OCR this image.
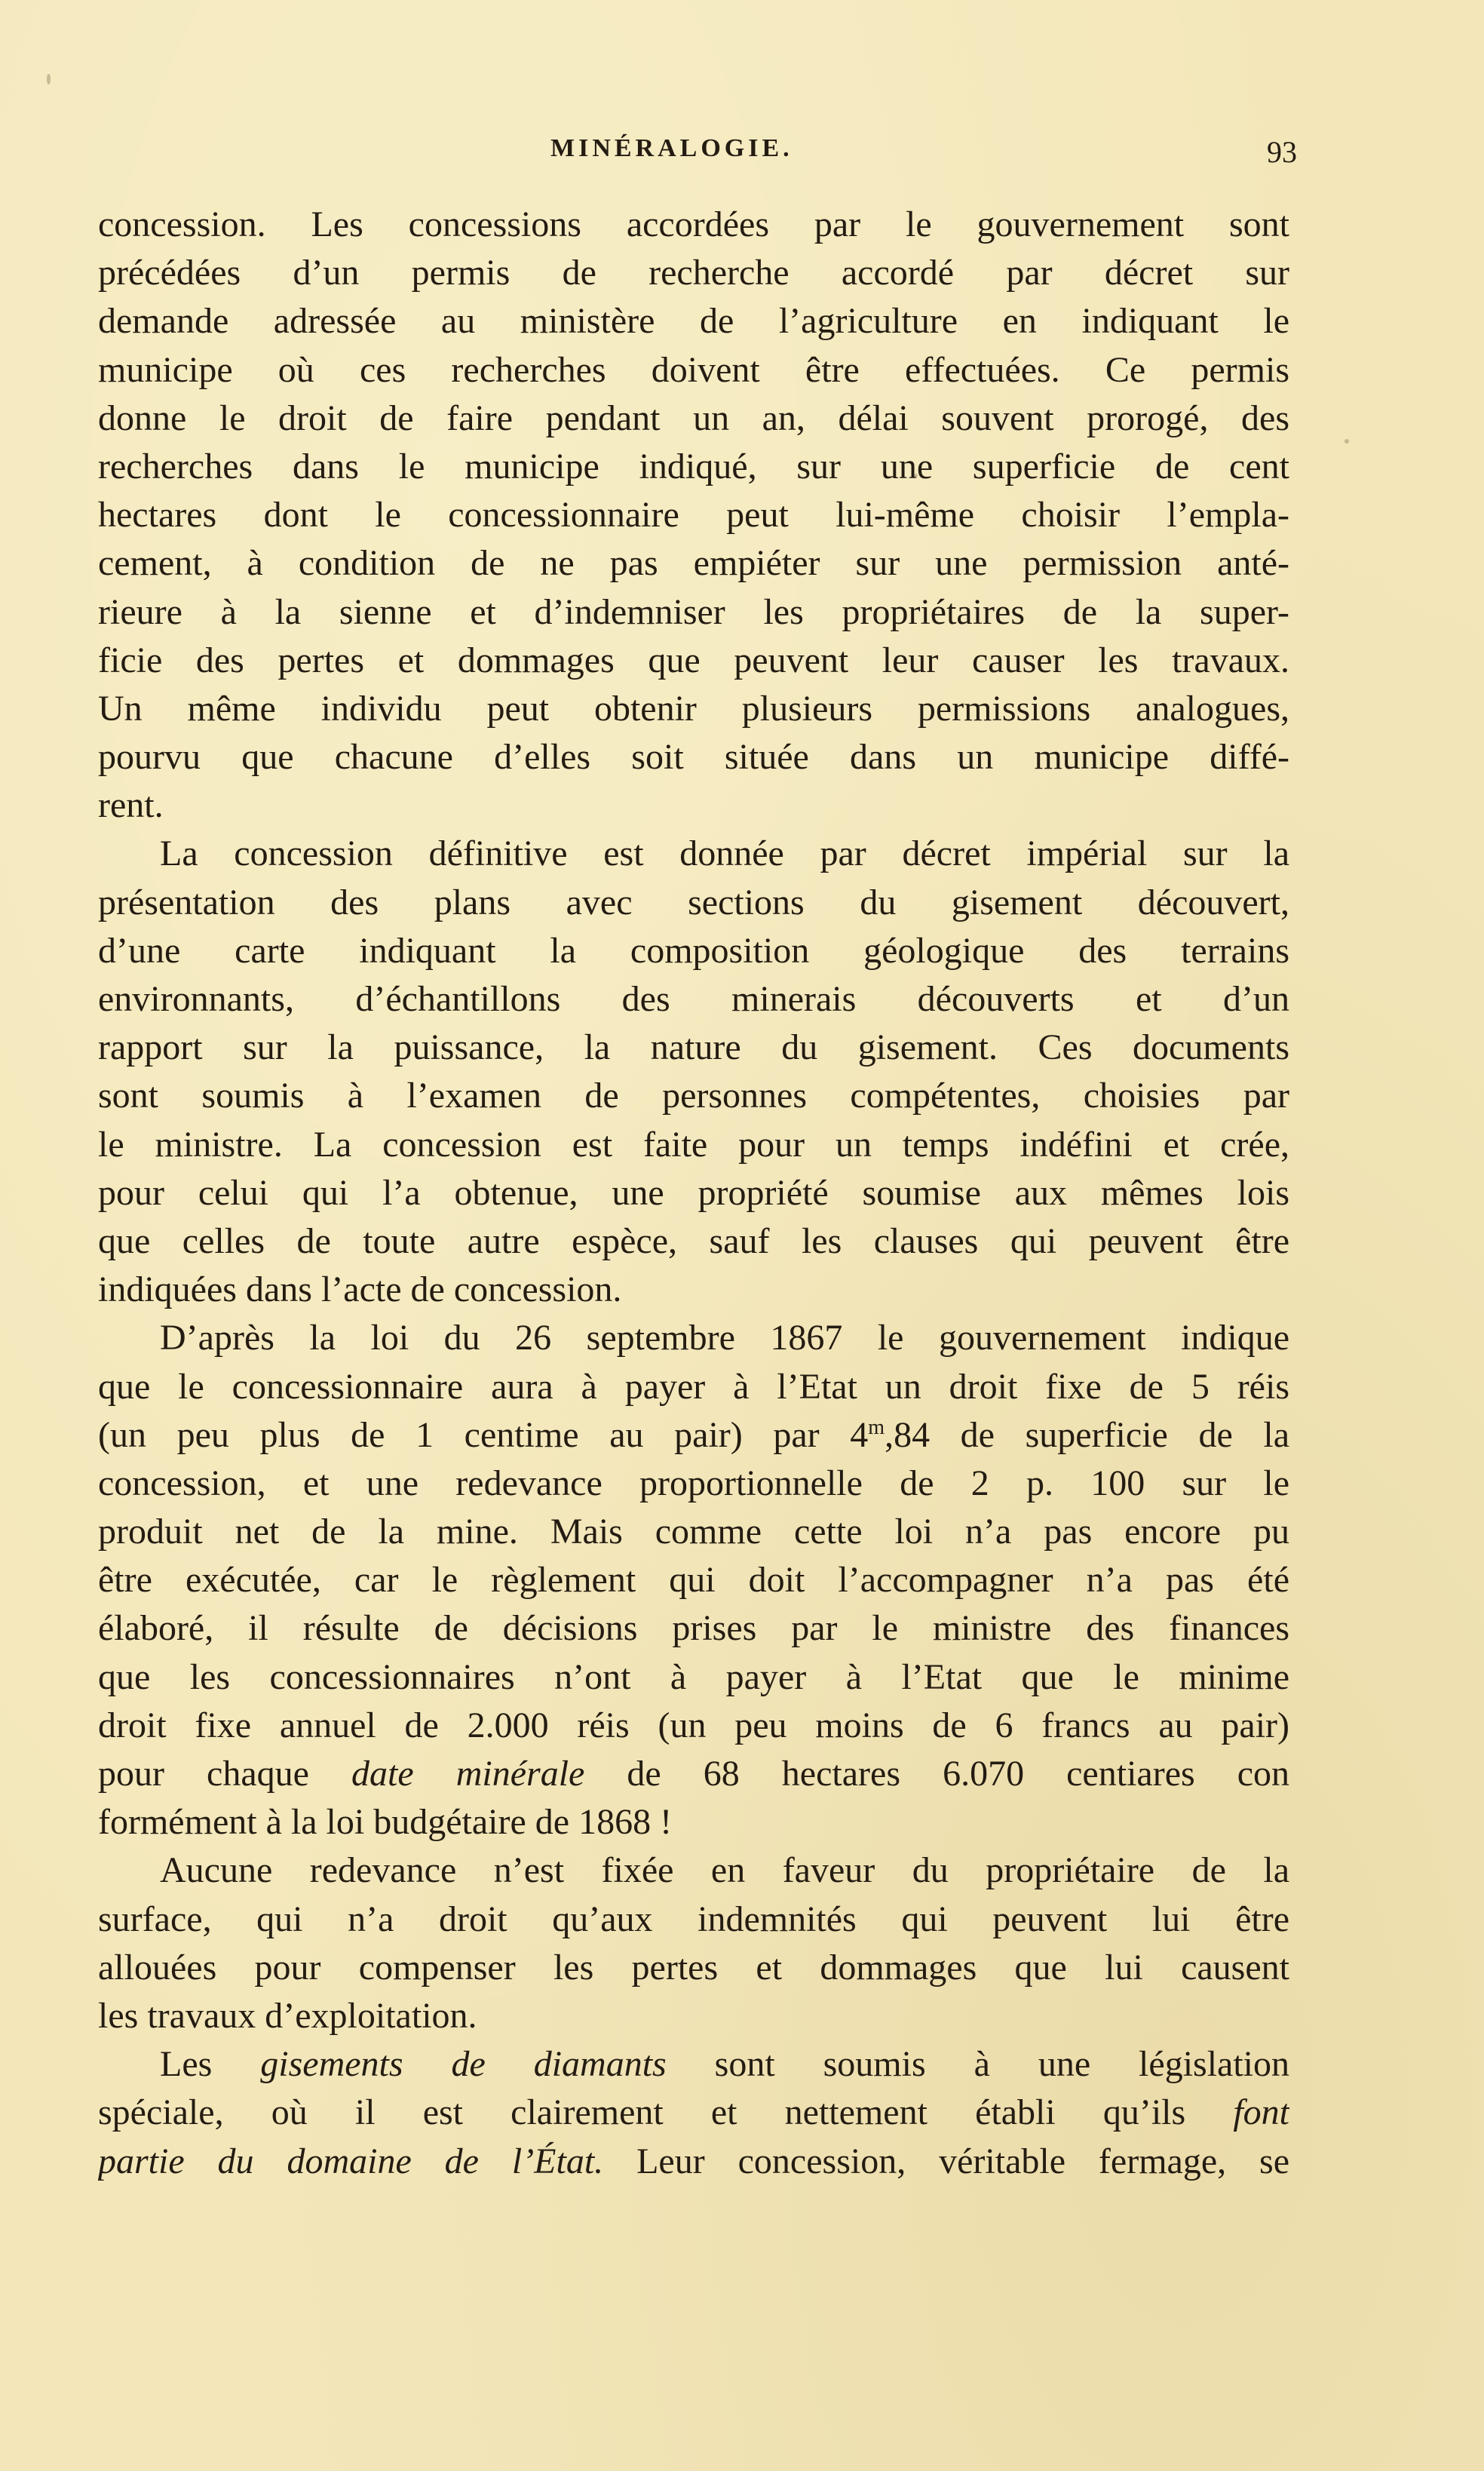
MINÉRALOGIE.	93
concession. Les concessions accordées par le gouvernement sont
précédées d’un permis de recherche accordé par décret sur
demande adressée au ministère de l’agriculture en indiquant le
municipe où ces recherches doivent être effectuées. Ce permis
donne le droit de faire pendant un an, délai souvent prorogé, des
recherches dans le municipe indiqué, sur une superficie de cent
hectares dont le concessionnaire peut lui-même choisir l’empla-
cement, à condition de ne pas empiéter sur une permission anté-
rieure à la sienne et d’indemniser les propriétaires de la super-
ficie des pertes et dommages que peuvent leur causer les travaux.
Un même individu peut obtenir plusieurs permissions analogues,
pourvu que chacune d’elles soit située dans un municipe diffé-
rent.
La concession définitive est donnée par décret impérial sur la
présentation des plans avec sections du gisement découvert,
d’une carte indiquant la composition géologique des terrains
environnants, d’échantillons des minerais découverts et d’un
rapport sur la puissance, la nature du gisement. Ces documents
sont soumis à l’examen de personnes compétentes, choisies par
le ministre. La concession est faite pour un temps indéfini et crée,
pour celui qui l’a obtenue, une propriété soumise aux mêmes lois
que celles de toute autre espèce, sauf les clauses qui peuvent être
indiquées dans l’acte de concession.
D’après la loi du 26 septembre 1867 le gouvernement indique
que le concessionnaire aura à payer à l’Etat un droit fixe de 5 réis
(un peu plus de 1 centime au pair) par 4$^m$,84 de superficie de la
concession, et une redevance proportionnelle de 2 p. 100 sur le
produit net de la mine. Mais comme cette loi n’a pas encore pu
être exécutée, car le règlement qui doit l’accompagner n’a pas été
élaboré, il résulte de décisions prises par le ministre des finances
que les concessionnaires n’ont à payer à l’Etat que le minime
droit fixe annuel de 2.000 réis (un peu moins de 6 francs au pair)
pour chaque date minérale de 68 hectares 6.070 centiares con
formément à la loi budgétaire de 1868 !
Aucune redevance n’est fixée en faveur du propriétaire de la
surface, qui n’a droit qu’aux indemnités qui peuvent lui être
allouées pour compenser les pertes et dommages que lui causent
les travaux d’exploitation.
Les gisements de diamants sont soumis à une législation
spéciale, où il est clairement et nettement établi qu’ils font
partie du domaine de l’État. Leur concession, véritable fermage, se
